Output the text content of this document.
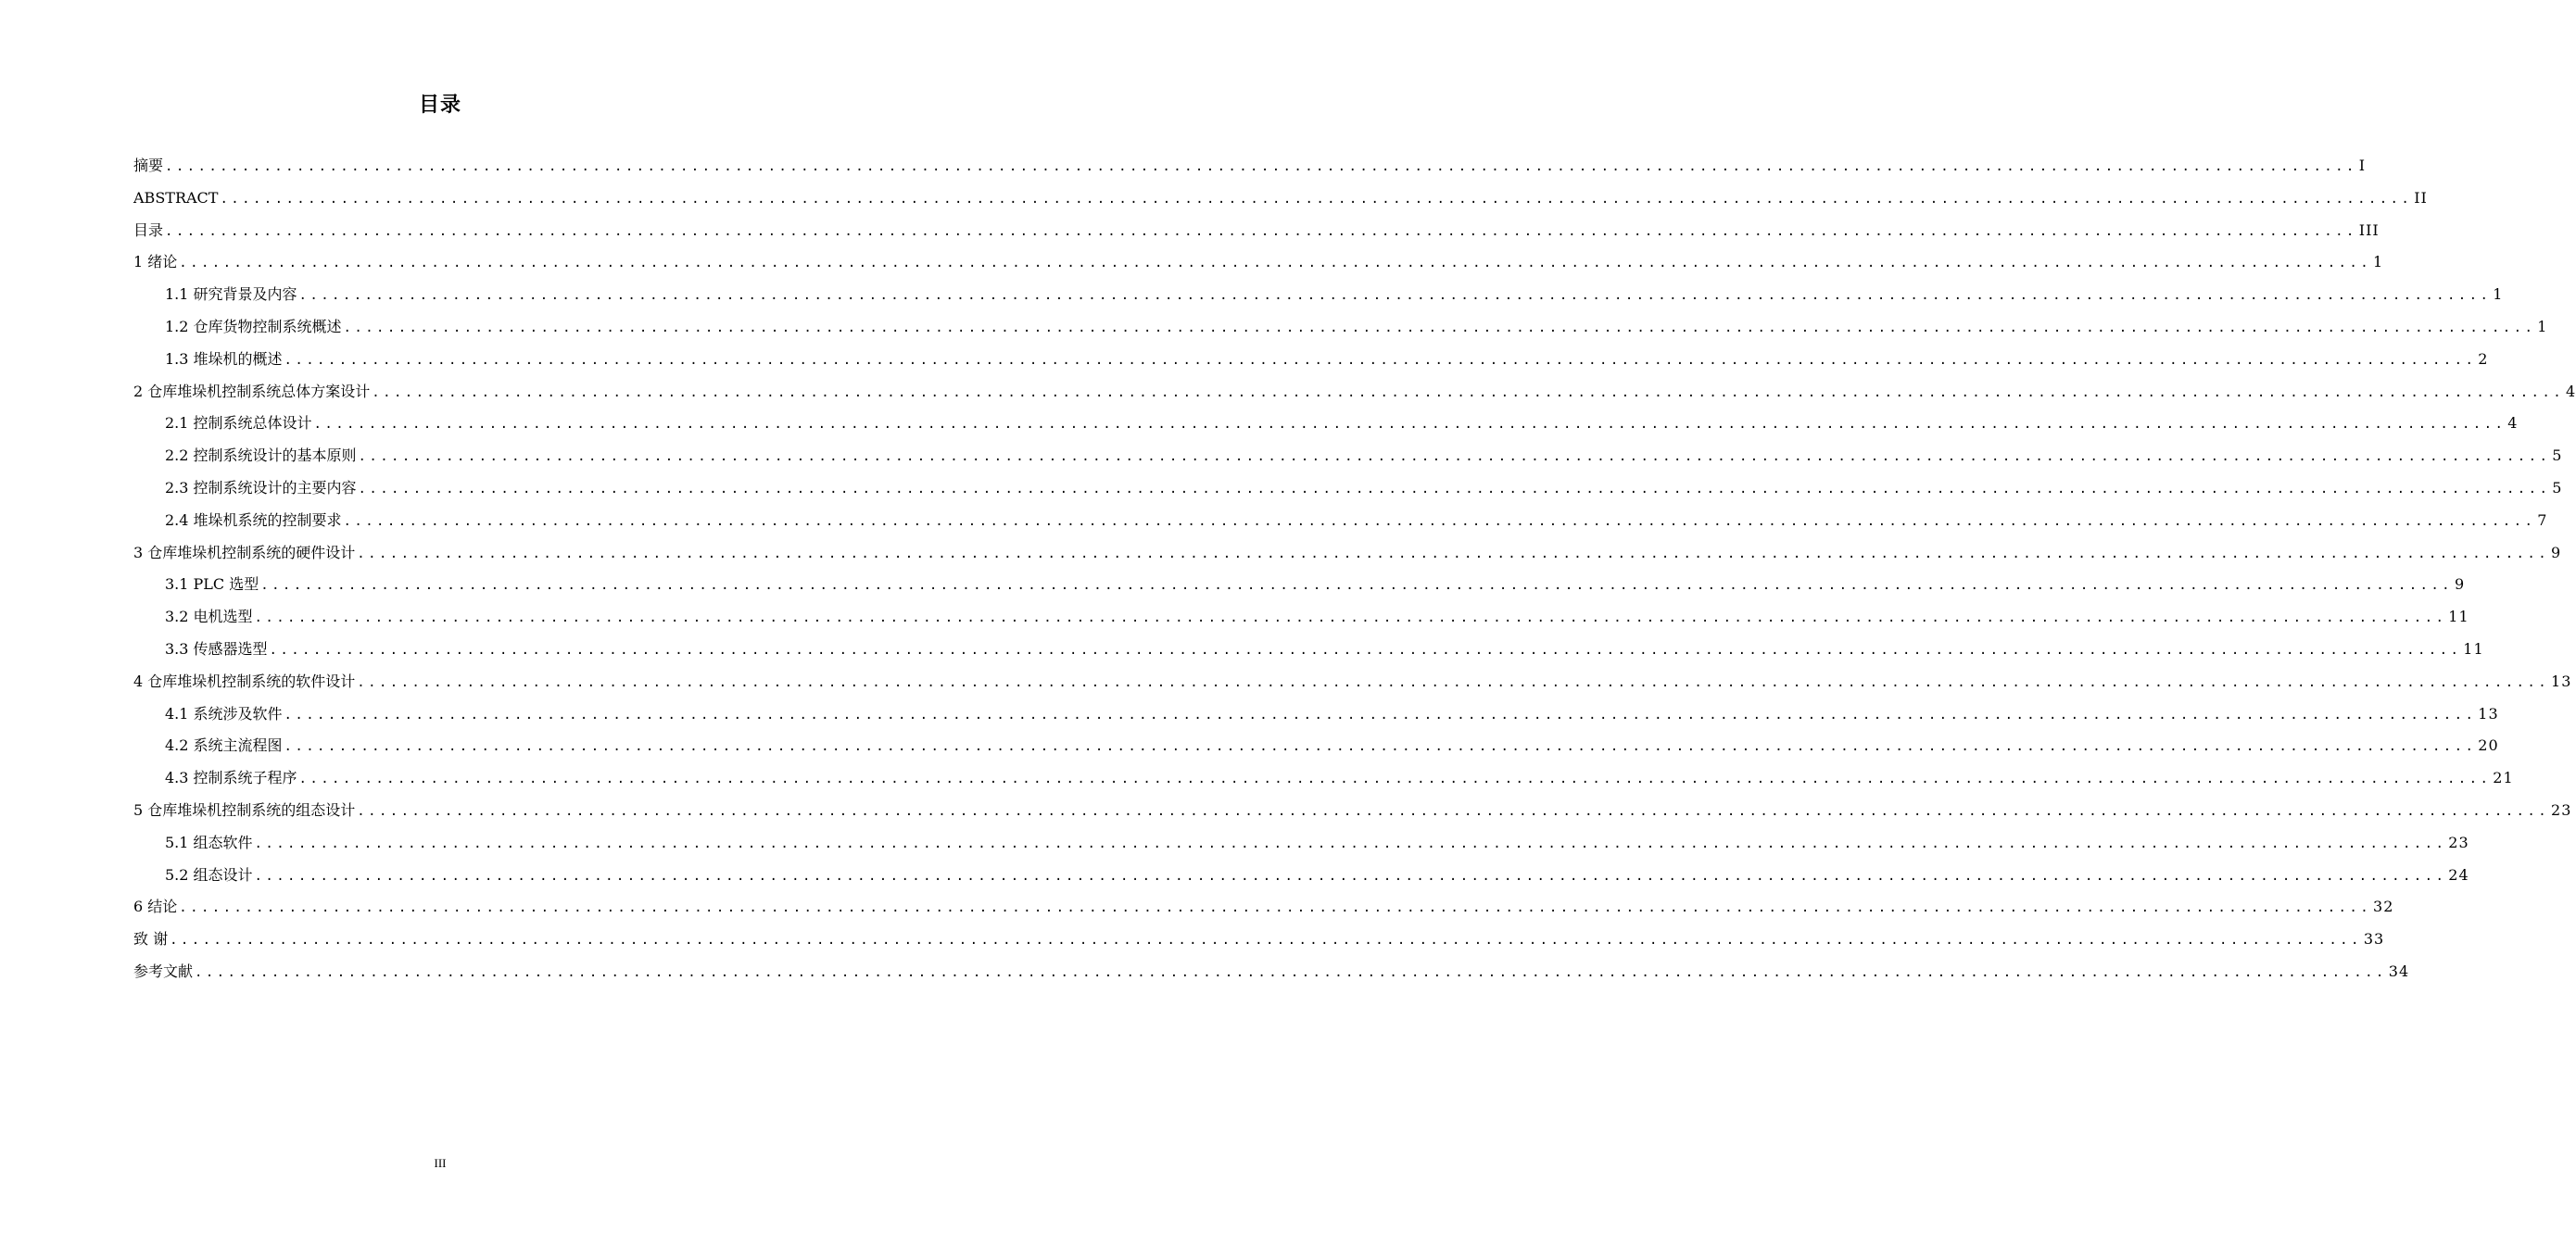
目录
摘要 ........................................................................................................................................................................................................ I
ABSTRACT ........................................................................................................................................................................................................ II
目录 ........................................................................................................................................................................................................ III
1 绪论 ........................................................................................................................................................................................................ 1
1.1 研究背景及内容 ........................................................................................................................................................................................................ 1
1.2 仓库货物控制系统概述 ........................................................................................................................................................................................................ 1
1.3 堆垛机的概述 ........................................................................................................................................................................................................ 2
2 仓库堆垛机控制系统总体方案设计 ........................................................................................................................................................................................................ 4
2.1 控制系统总体设计 ........................................................................................................................................................................................................ 4
2.2 控制系统设计的基本原则 ........................................................................................................................................................................................................ 5
2.3 控制系统设计的主要内容 ........................................................................................................................................................................................................ 5
2.4 堆垛机系统的控制要求 ........................................................................................................................................................................................................ 7
3 仓库堆垛机控制系统的硬件设计 ........................................................................................................................................................................................................ 9
3.1 PLC 选型 ........................................................................................................................................................................................................ 9
3.2 电机选型 ........................................................................................................................................................................................................ 11
3.3 传感器选型 ........................................................................................................................................................................................................ 11
4 仓库堆垛机控制系统的软件设计 ........................................................................................................................................................................................................ 13
4.1 系统涉及软件 ........................................................................................................................................................................................................ 13
4.2 系统主流程图 ........................................................................................................................................................................................................ 20
4.3 控制系统子程序 ........................................................................................................................................................................................................ 21
5 仓库堆垛机控制系统的组态设计 ........................................................................................................................................................................................................ 23
5.1 组态软件 ........................................................................................................................................................................................................ 23
5.2 组态设计 ........................................................................................................................................................................................................ 24
6 结论 ........................................................................................................................................................................................................ 32
致 谢 ........................................................................................................................................................................................................ 33
参考文献 ........................................................................................................................................................................................................ 34
III
